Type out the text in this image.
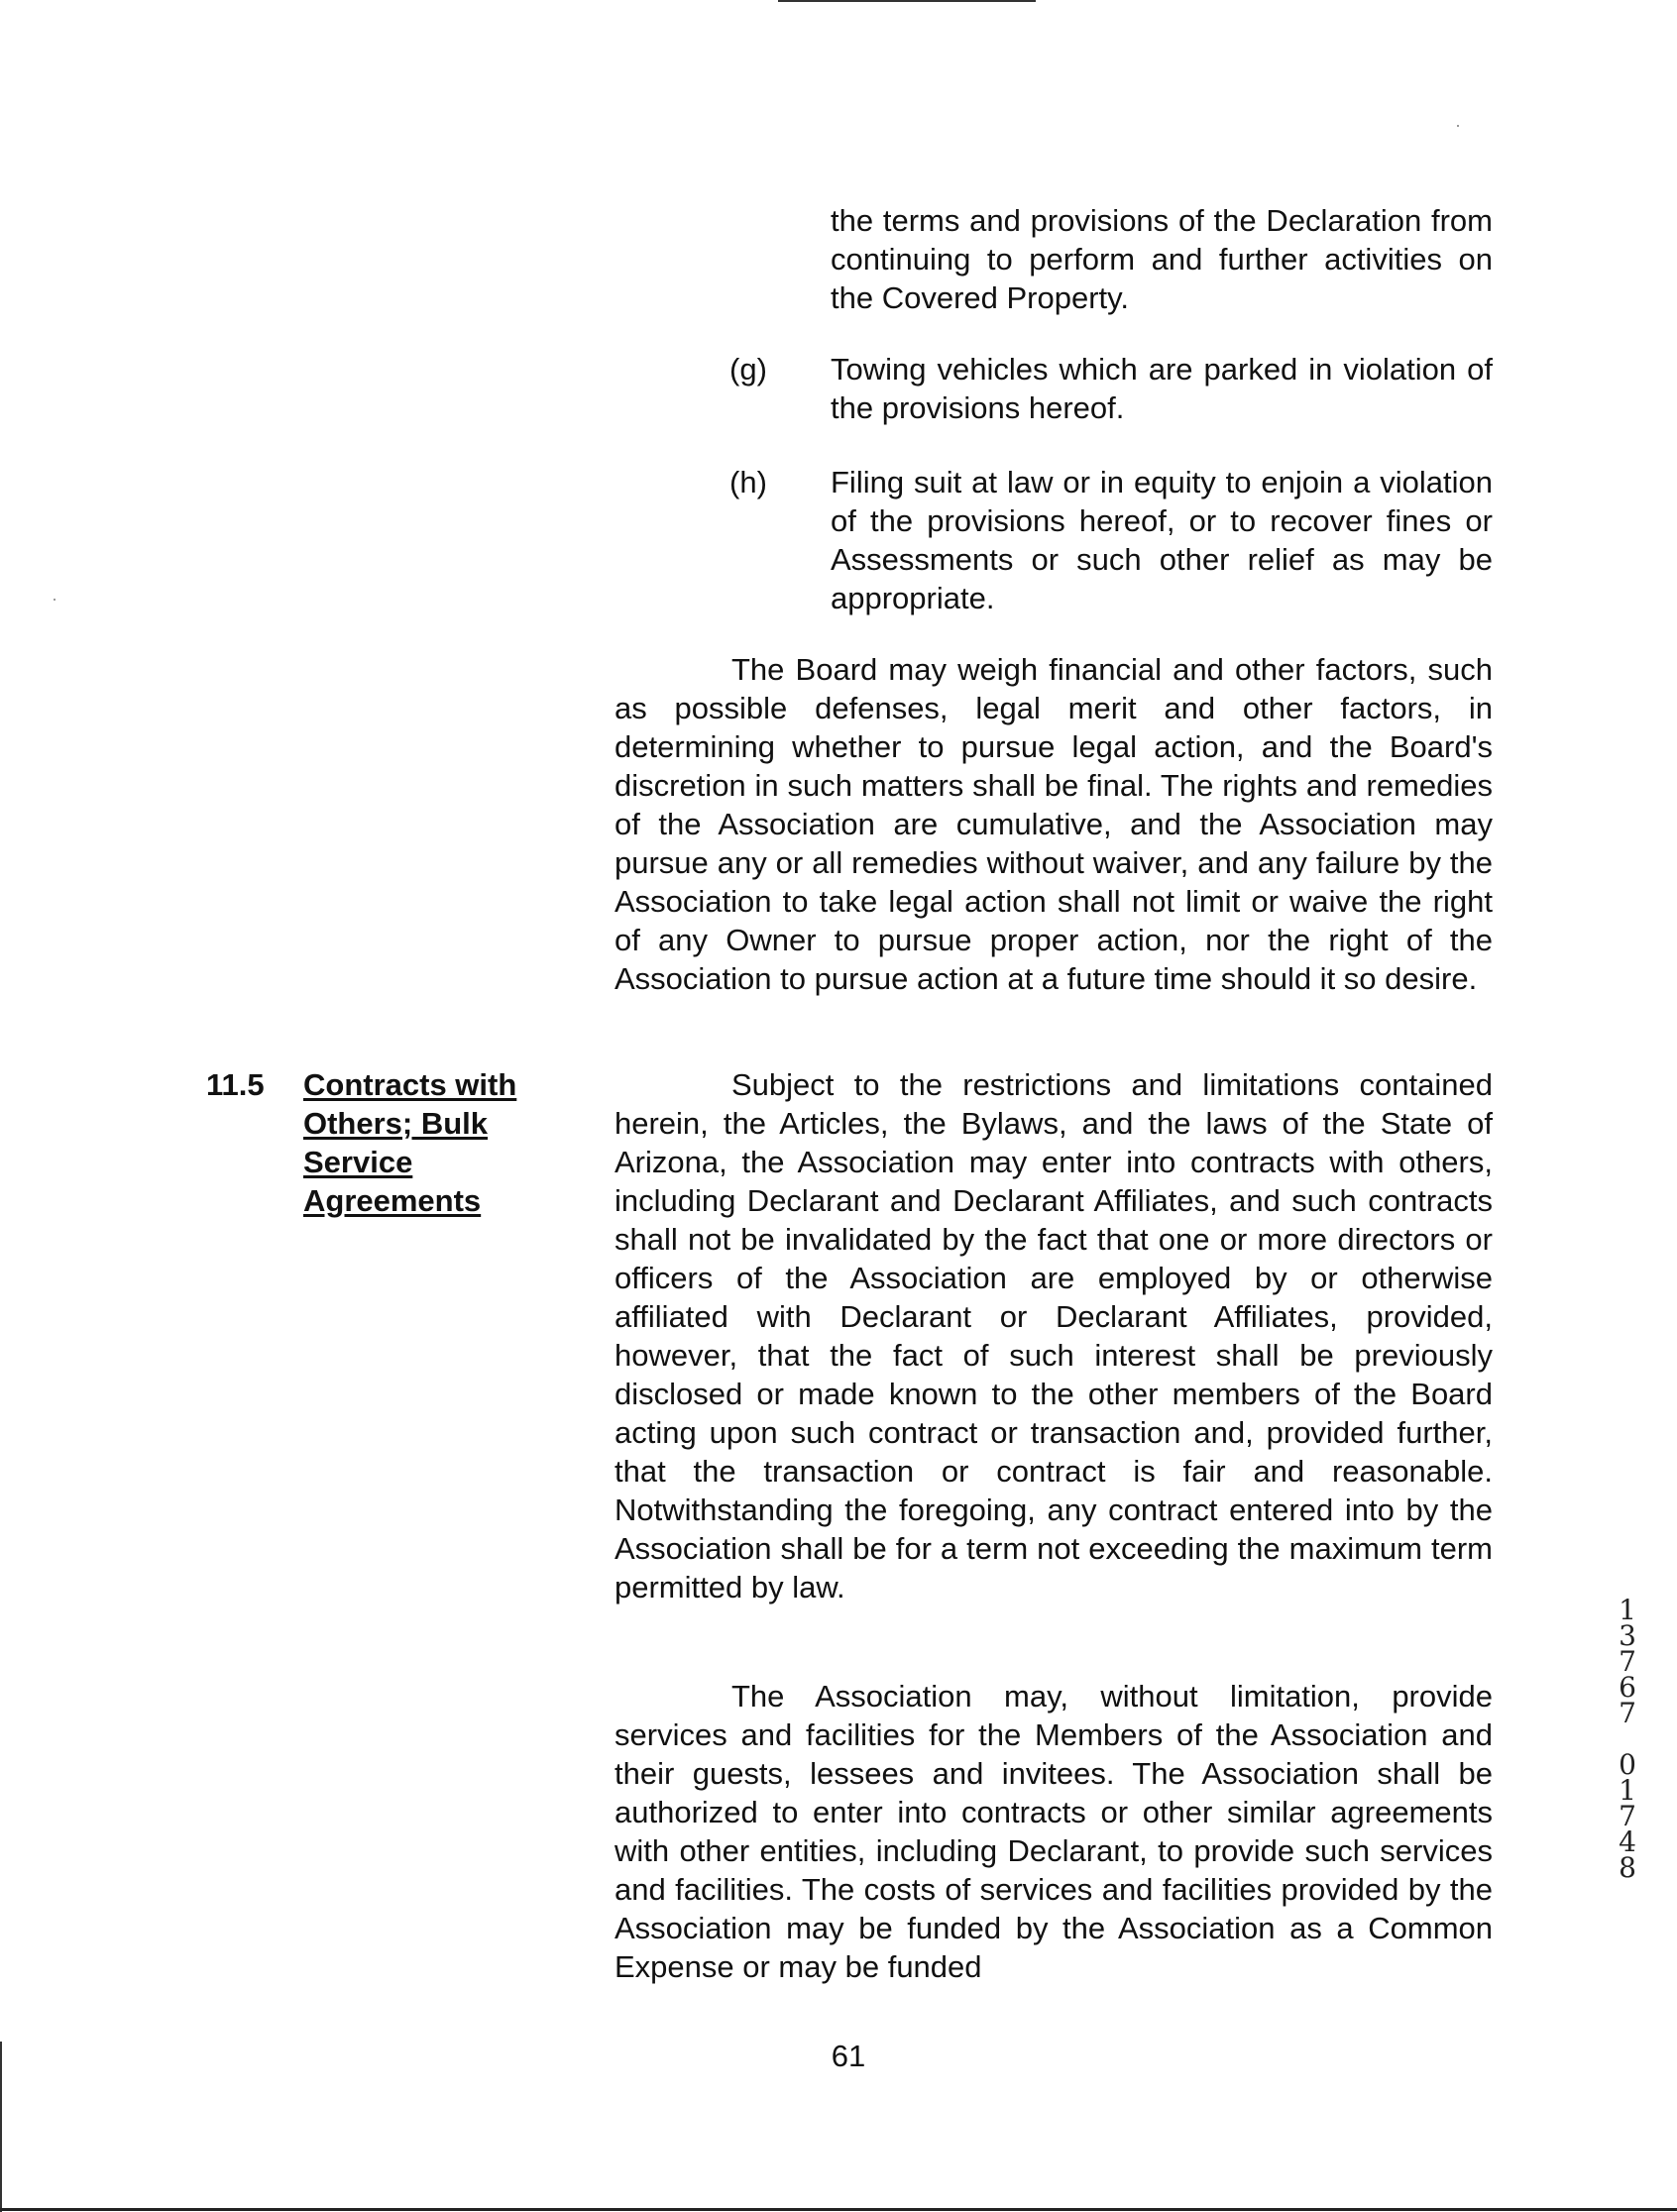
the terms and provisions of the Declaration from continuing to perform and further activities on the Covered Property.

(g) Towing vehicles which are parked in violation of the provisions hereof.

(h) Filing suit at law or in equity to enjoin a violation of the provisions hereof, or to recover fines or Assessments or such other relief as may be appropriate.

The Board may weigh financial and other factors, such as possible defenses, legal merit and other factors, in determining whether to pursue legal action, and the Board's discretion in such matters shall be final. The rights and remedies of the Association are cumulative, and the Association may pursue any or all remedies without waiver, and any failure by the Association to take legal action shall not limit or waive the right of any Owner to pursue proper action, nor the right of the Association to pursue action at a future time should it so desire.

11.5 Contracts with Others; Bulk Service Agreements

Subject to the restrictions and limitations contained herein, the Articles, the Bylaws, and the laws of the State of Arizona, the Association may enter into contracts with others, including Declarant and Declarant Affiliates, and such contracts shall not be invalidated by the fact that one or more directors or officers of the Association are employed by or otherwise affiliated with Declarant or Declarant Affiliates, provided, however, that the fact of such interest shall be previously disclosed or made known to the other members of the Board acting upon such contract or transaction and, provided further, that the transaction or contract is fair and reasonable. Notwithstanding the foregoing, any contract entered into by the Association shall be for a term not exceeding the maximum term permitted by law.

The Association may, without limitation, provide services and facilities for the Members of the Association and their guests, lessees and invitees. The Association shall be authorized to enter into contracts or other similar agreements with other entities, including Declarant, to provide such services and facilities. The costs of services and facilities provided by the Association may be funded by the Association as a Common Expense or may be funded

61
1
3
7
6
7
0
1
7
4
8
